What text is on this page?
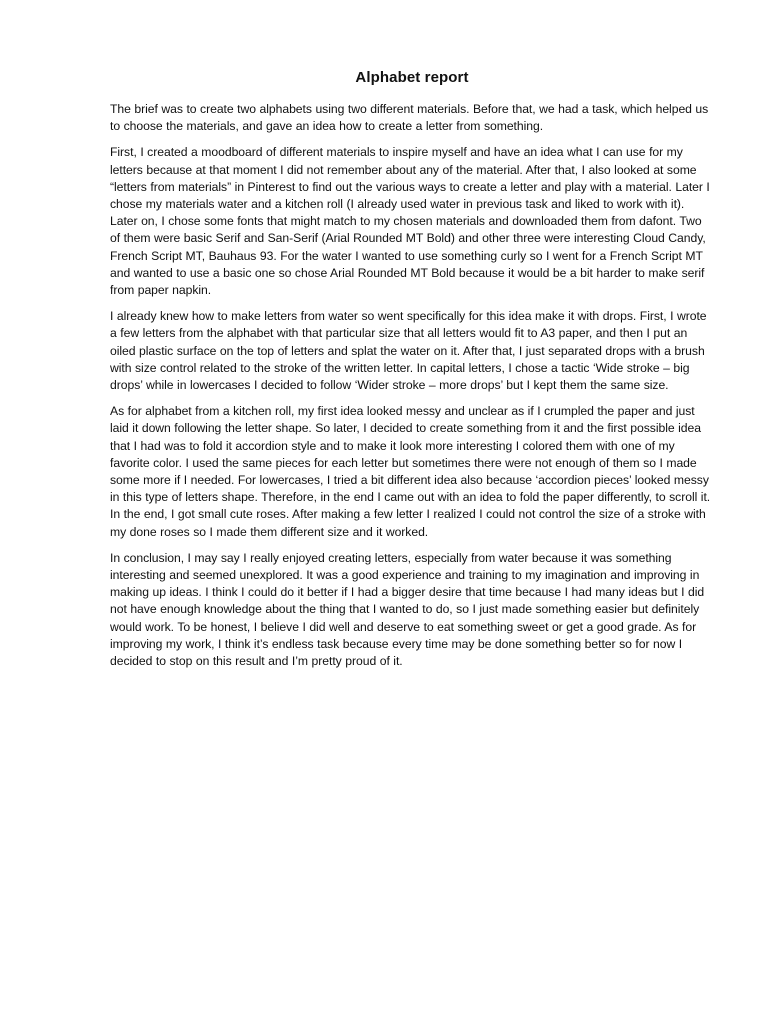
Alphabet report

The brief was to create two alphabets using two different materials. Before that, we had a task, which helped us to choose the materials, and gave an idea how to create a letter from something.

First, I created a moodboard of different materials to inspire myself and have an idea what I can use for my letters because at that moment I did not remember about any of the material. After that, I also looked at some “letters from materials” in Pinterest to find out the various ways to create a letter and play with a material. Later I chose my materials water and a kitchen roll (I already used water in previous task and liked to work with it). Later on, I chose some fonts that might match to my chosen materials and downloaded them from dafont. Two of them were basic Serif and San-Serif (Arial Rounded MT Bold) and other three were interesting Cloud Candy, French Script MT, Bauhaus 93. For the water I wanted to use something curly so I went for a French Script MT and wanted to use a basic one so chose Arial Rounded MT Bold because it would be a bit harder to make serif from paper napkin.

I already knew how to make letters from water so went specifically for this idea make it with drops. First, I wrote a few letters from the alphabet with that particular size that all letters would fit to A3 paper, and then I put an oiled plastic surface on the top of letters and splat the water on it. After that, I just separated drops with a brush with size control related to the stroke of the written letter. In capital letters, I chose a tactic ‘Wide stroke – big drops’ while in lowercases I decided to follow ‘Wider stroke – more drops’ but I kept them the same size.

As for alphabet from a kitchen roll, my first idea looked messy and unclear as if I crumpled the paper and just laid it down following the letter shape. So later, I decided to create something from it and the first possible idea that I had was to fold it accordion style and to make it look more interesting I colored them with one of my favorite color. I used the same pieces for each letter but sometimes there were not enough of them so I made some more if I needed. For lowercases, I tried a bit different idea also because ‘accordion pieces’ looked messy in this type of letters shape. Therefore, in the end I came out with an idea to fold the paper differently, to scroll it. In the end, I got small cute roses. After making a few letter I realized I could not control the size of a stroke with my done roses so I made them different size and it worked.

In conclusion, I may say I really enjoyed creating letters, especially from water because it was something interesting and seemed unexplored. It was a good experience and training to my imagination and improving in making up ideas. I think I could do it better if I had a bigger desire that time because I had many ideas but I did not have enough knowledge about the thing that I wanted to do, so I just made something easier but definitely would work. To be honest, I believe I did well and deserve to eat something sweet or get a good grade. As for improving my work, I think it’s endless task because every time may be done something better so for now I decided to stop on this result and I’m pretty proud of it.
